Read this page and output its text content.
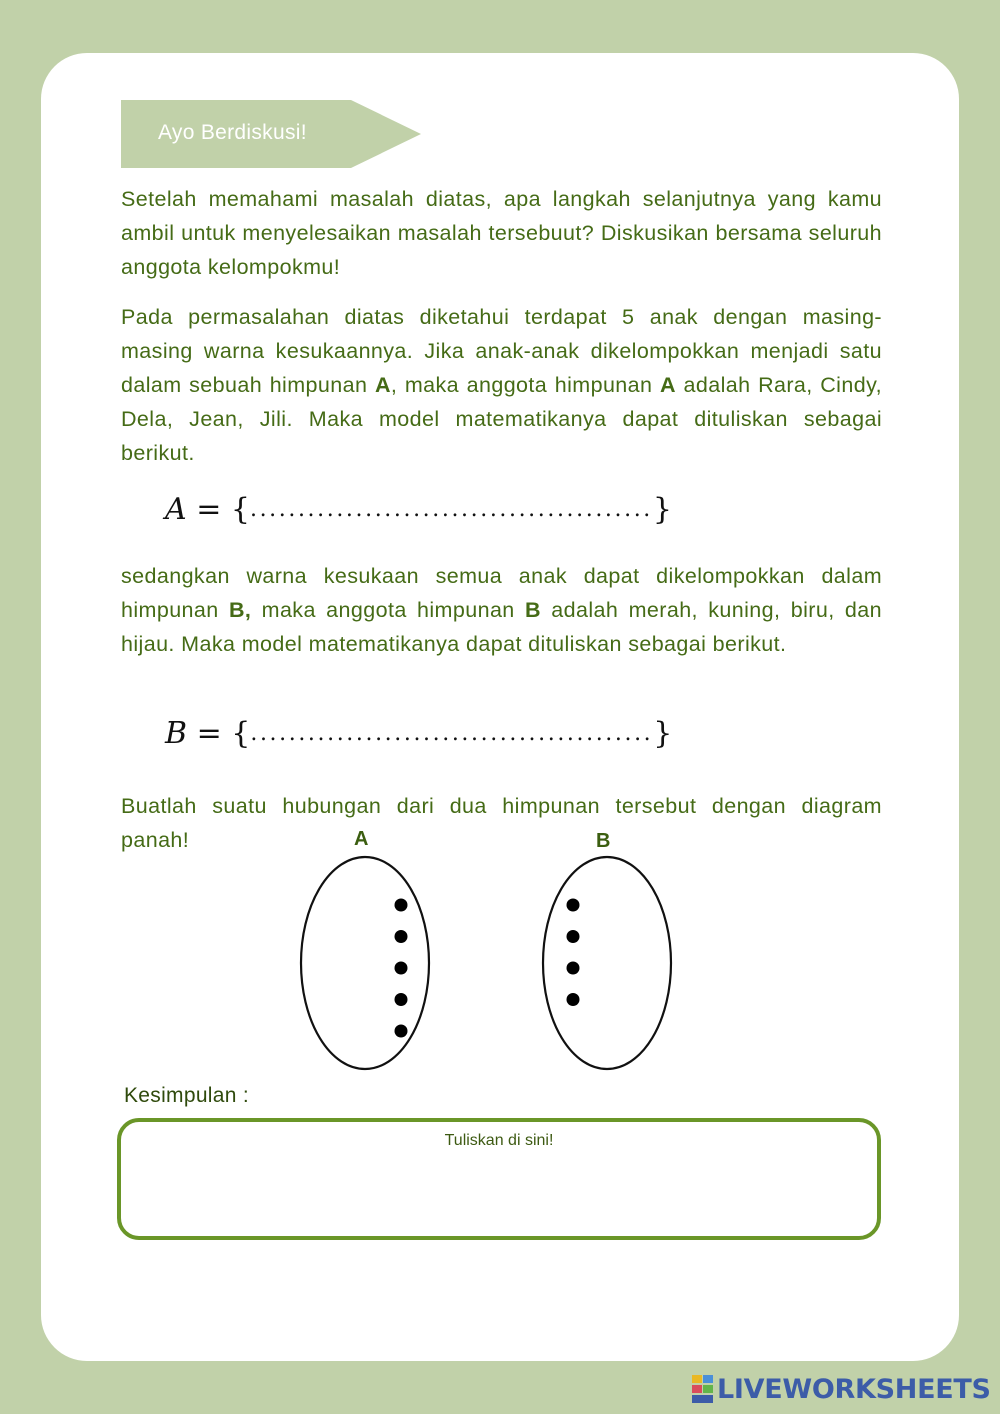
Ayo Berdiskusi!

Setelah memahami masalah diatas, apa langkah selanjutnya yang kamu ambil untuk menyelesaikan masalah tersebuut? Diskusikan bersama seluruh anggota kelompokmu!

Pada permasalahan diatas diketahui terdapat 5 anak dengan masing-masing warna kesukaannya. Jika anak-anak dikelompokkan menjadi satu dalam sebuah himpunan A, maka anggota himpunan A adalah Rara, Cindy, Dela, Jean, Jili. Maka model matematikanya dapat dituliskan sebagai berikut.

A = {..........................................}

sedangkan warna kesukaan semua anak dapat dikelompokkan dalam himpunan B, maka anggota himpunan B adalah merah, kuning, biru, dan hijau. Maka model matematikanya dapat dituliskan sebagai berikut.

B = {..........................................}

Buatlah suatu hubungan dari dua himpunan tersebut dengan diagram panah!	A	B
Kesimpulan :
Tuliskan di sini!
LIVEWORKSHEETS
